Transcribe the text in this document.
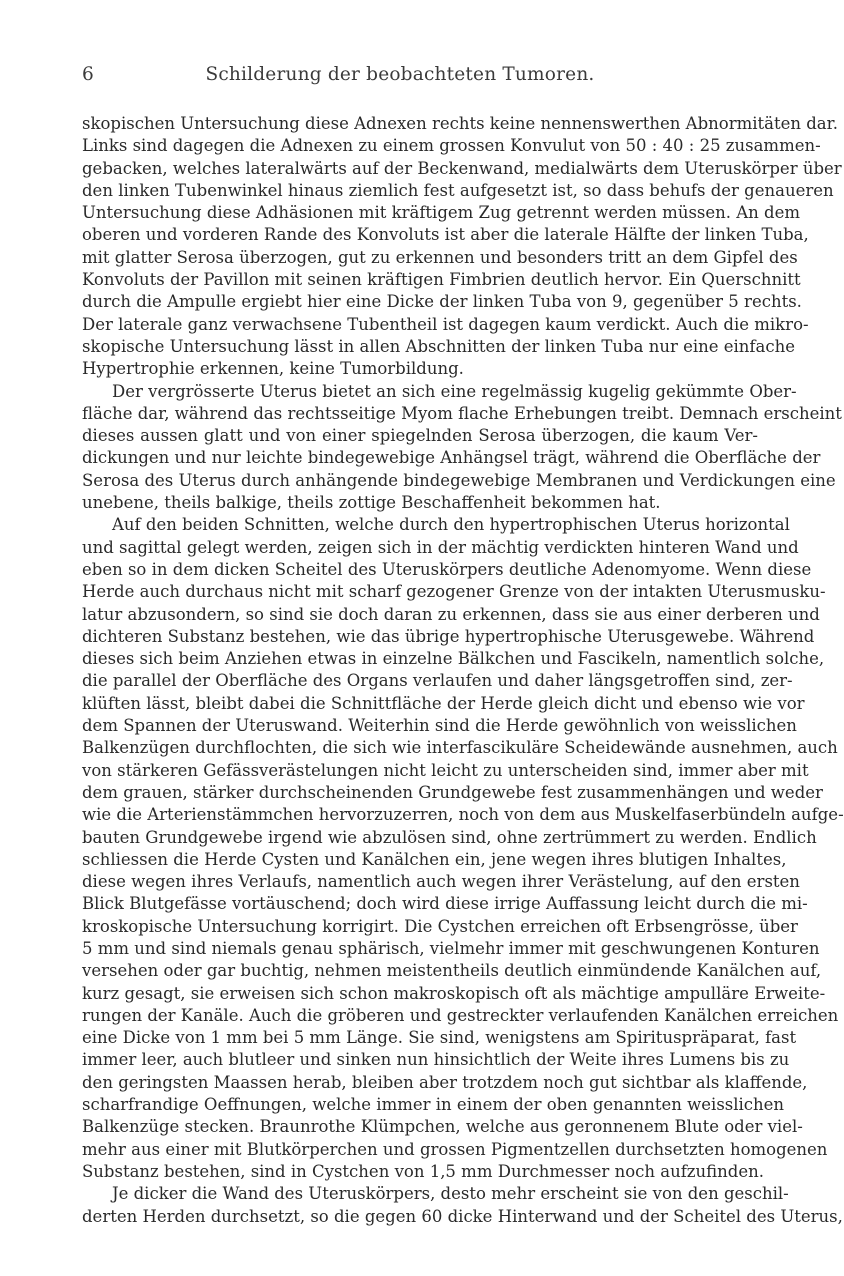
6	Schilderung der beobachteten Tumoren.
skopischen Untersuchung diese Adnexen rechts keine nennenswerthen Abnormitäten dar.
Links sind dagegen die Adnexen zu einem grossen Konvulut von 50 : 40 : 25 zusammen-
gebacken, welches lateralwärts auf der Beckenwand, medialwärts dem Uteruskörper über
den linken Tubenwinkel hinaus ziemlich fest aufgesetzt ist, so dass behufs der genaueren
Untersuchung diese Adhäsionen mit kräftigem Zug getrennt werden müssen. An dem
oberen und vorderen Rande des Konvoluts ist aber die laterale Hälfte der linken Tuba,
mit glatter Serosa überzogen, gut zu erkennen und besonders tritt an dem Gipfel des
Konvoluts der Pavillon mit seinen kräftigen Fimbrien deutlich hervor. Ein Querschnitt
durch die Ampulle ergiebt hier eine Dicke der linken Tuba von 9, gegenüber 5 rechts.
Der laterale ganz verwachsene Tubentheil ist dagegen kaum verdickt. Auch die mikro-
skopische Untersuchung lässt in allen Abschnitten der linken Tuba nur eine einfache
Hypertrophie erkennen, keine Tumorbildung.
Der vergrösserte Uterus bietet an sich eine regelmässig kugelig gekümmte Ober-
fläche dar, während das rechtsseitige Myom flache Erhebungen treibt. Demnach erscheint
dieses aussen glatt und von einer spiegelnden Serosa überzogen, die kaum Ver-
dickungen und nur leichte bindegewebige Anhängsel trägt, während die Oberfläche der
Serosa des Uterus durch anhängende bindegewebige Membranen und Verdickungen eine
unebene, theils balkige, theils zottige Beschaffenheit bekommen hat.
Auf den beiden Schnitten, welche durch den hypertrophischen Uterus horizontal
und sagittal gelegt werden, zeigen sich in der mächtig verdickten hinteren Wand und
eben so in dem dicken Scheitel des Uteruskörpers deutliche Adenomyome. Wenn diese
Herde auch durchaus nicht mit scharf gezogener Grenze von der intakten Uterusmusku-
latur abzusondern, so sind sie doch daran zu erkennen, dass sie aus einer derberen und
dichteren Substanz bestehen, wie das übrige hypertrophische Uterusgewebe. Während
dieses sich beim Anziehen etwas in einzelne Bälkchen und Fascikeln, namentlich solche,
die parallel der Oberfläche des Organs verlaufen und daher längsgetroffen sind, zer-
klüften lässt, bleibt dabei die Schnittfläche der Herde gleich dicht und ebenso wie vor
dem Spannen der Uteruswand. Weiterhin sind die Herde gewöhnlich von weisslichen
Balkenzügen durchflochten, die sich wie interfascikuläre Scheidewände ausnehmen, auch
von stärkeren Gefässverästelungen nicht leicht zu unterscheiden sind, immer aber mit
dem grauen, stärker durchscheinenden Grundgewebe fest zusammenhängen und weder
wie die Arterienstämmchen hervorzuzerren, noch von dem aus Muskelfaserbündeln aufge-
bauten Grundgewebe irgend wie abzulösen sind, ohne zertrümmert zu werden. Endlich
schliessen die Herde Cysten und Kanälchen ein, jene wegen ihres blutigen Inhaltes,
diese wegen ihres Verlaufs, namentlich auch wegen ihrer Verästelung, auf den ersten
Blick Blutgefässe vortäuschend; doch wird diese irrige Auffassung leicht durch die mi-
kroskopische Untersuchung korrigirt. Die Cystchen erreichen oft Erbsengrösse, über
5 mm und sind niemals genau sphärisch, vielmehr immer mit geschwungenen Konturen
versehen oder gar buchtig, nehmen meistentheils deutlich einmündende Kanälchen auf,
kurz gesagt, sie erweisen sich schon makroskopisch oft als mächtige ampulläre Erweite-
rungen der Kanäle. Auch die gröberen und gestreckter verlaufenden Kanälchen erreichen
eine Dicke von 1 mm bei 5 mm Länge. Sie sind, wenigstens am Spirituspräparat, fast
immer leer, auch blutleer und sinken nun hinsichtlich der Weite ihres Lumens bis zu
den geringsten Maassen herab, bleiben aber trotzdem noch gut sichtbar als klaffende,
scharfrandige Oeffnungen, welche immer in einem der oben genannten weisslichen
Balkenzüge stecken. Braunrothe Klümpchen, welche aus geronnenem Blute oder viel-
mehr aus einer mit Blutkörperchen und grossen Pigmentzellen durchsetzten homogenen
Substanz bestehen, sind in Cystchen von 1,5 mm Durchmesser noch aufzufinden.
Je dicker die Wand des Uteruskörpers, desto mehr erscheint sie von den geschil-
derten Herden durchsetzt, so die gegen 60 dicke Hinterwand und der Scheitel des Uterus,
